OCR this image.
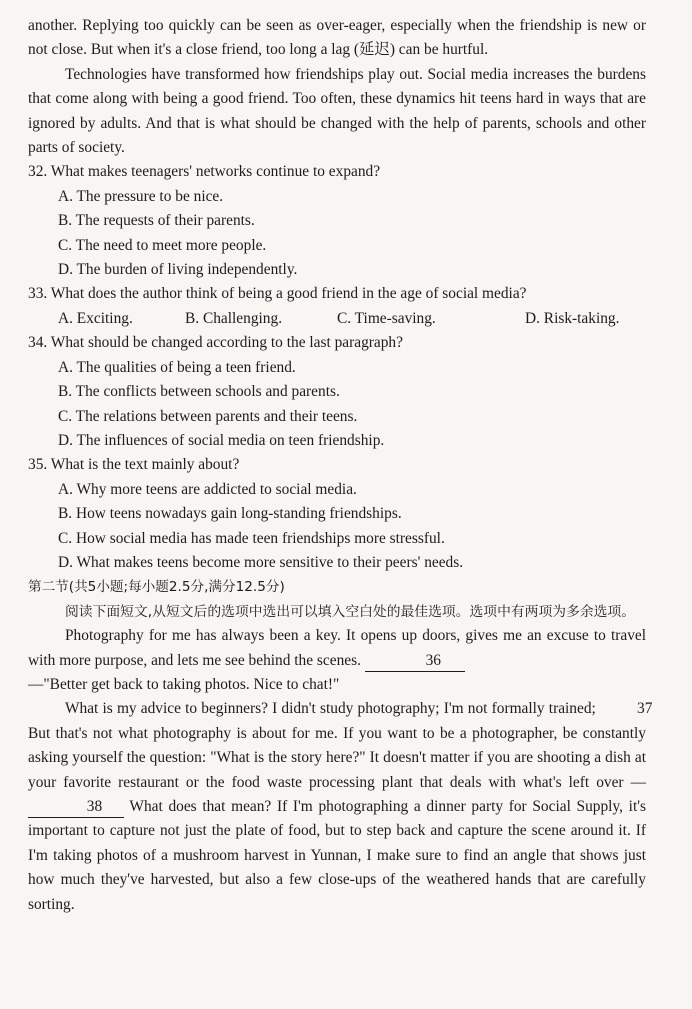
another. Replying too quickly can be seen as over-eager, especially when the friendship is new or not close. But when it's a close friend, too long a lag (延迟) can be hurtful.

Technologies have transformed how friendships play out. Social media increases the burdens that come along with being a good friend. Too often, these dynamics hit teens hard in ways that are ignored by adults. And that is what should be changed with the help of parents, schools and other parts of society.

32. What makes teenagers' networks continue to expand?

A. The pressure to be nice.

B. The requests of their parents.

C. The need to meet more people.

D. The burden of living independently.

33. What does the author think of being a good friend in the age of social media?

A. Exciting.	B. Challenging.	C. Time-saving.	D. Risk-taking.

34. What should be changed according to the last paragraph?

A. The qualities of being a teen friend.

B. The conflicts between schools and parents.

C. The relations between parents and their teens.

D. The influences of social media on teen friendship.

35. What is the text mainly about?

A. Why more teens are addicted to social media.

B. How teens nowadays gain long-standing friendships.

C. How social media has made teen friendships more stressful.

D. What makes teens become more sensitive to their peers' needs.

第二节(共5小题;每小题2.5分,满分12.5分)

阅读下面短文,从短文后的选项中选出可以填入空白处的最佳选项。选项中有两项为多余选项。

Photography for me has always been a key. It opens up doors, gives me an excuse to travel with more purpose, and lets me see behind the scenes.	36
—"Better get back to taking photos. Nice to chat!"

What is my advice to beginners? I didn't study photography; I'm not formally trained;	37 But that's not what photography is about for me. If you want to be a photographer, be constantly asking yourself the question: "What is the story here?" It doesn't matter if you are shooting a dish at your favorite restaurant or the food waste processing plant that deals with what's left over —38 What does that mean? If I'm photographing a dinner party for Social Supply, it's important to capture not just the plate of food, but to step back and capture the scene around it. If I'm taking photos of a mushroom harvest in Yunnan, I make sure to find an angle that shows just how much they've harvested, but also a few close-ups of the weathered hands that are carefully sorting.
